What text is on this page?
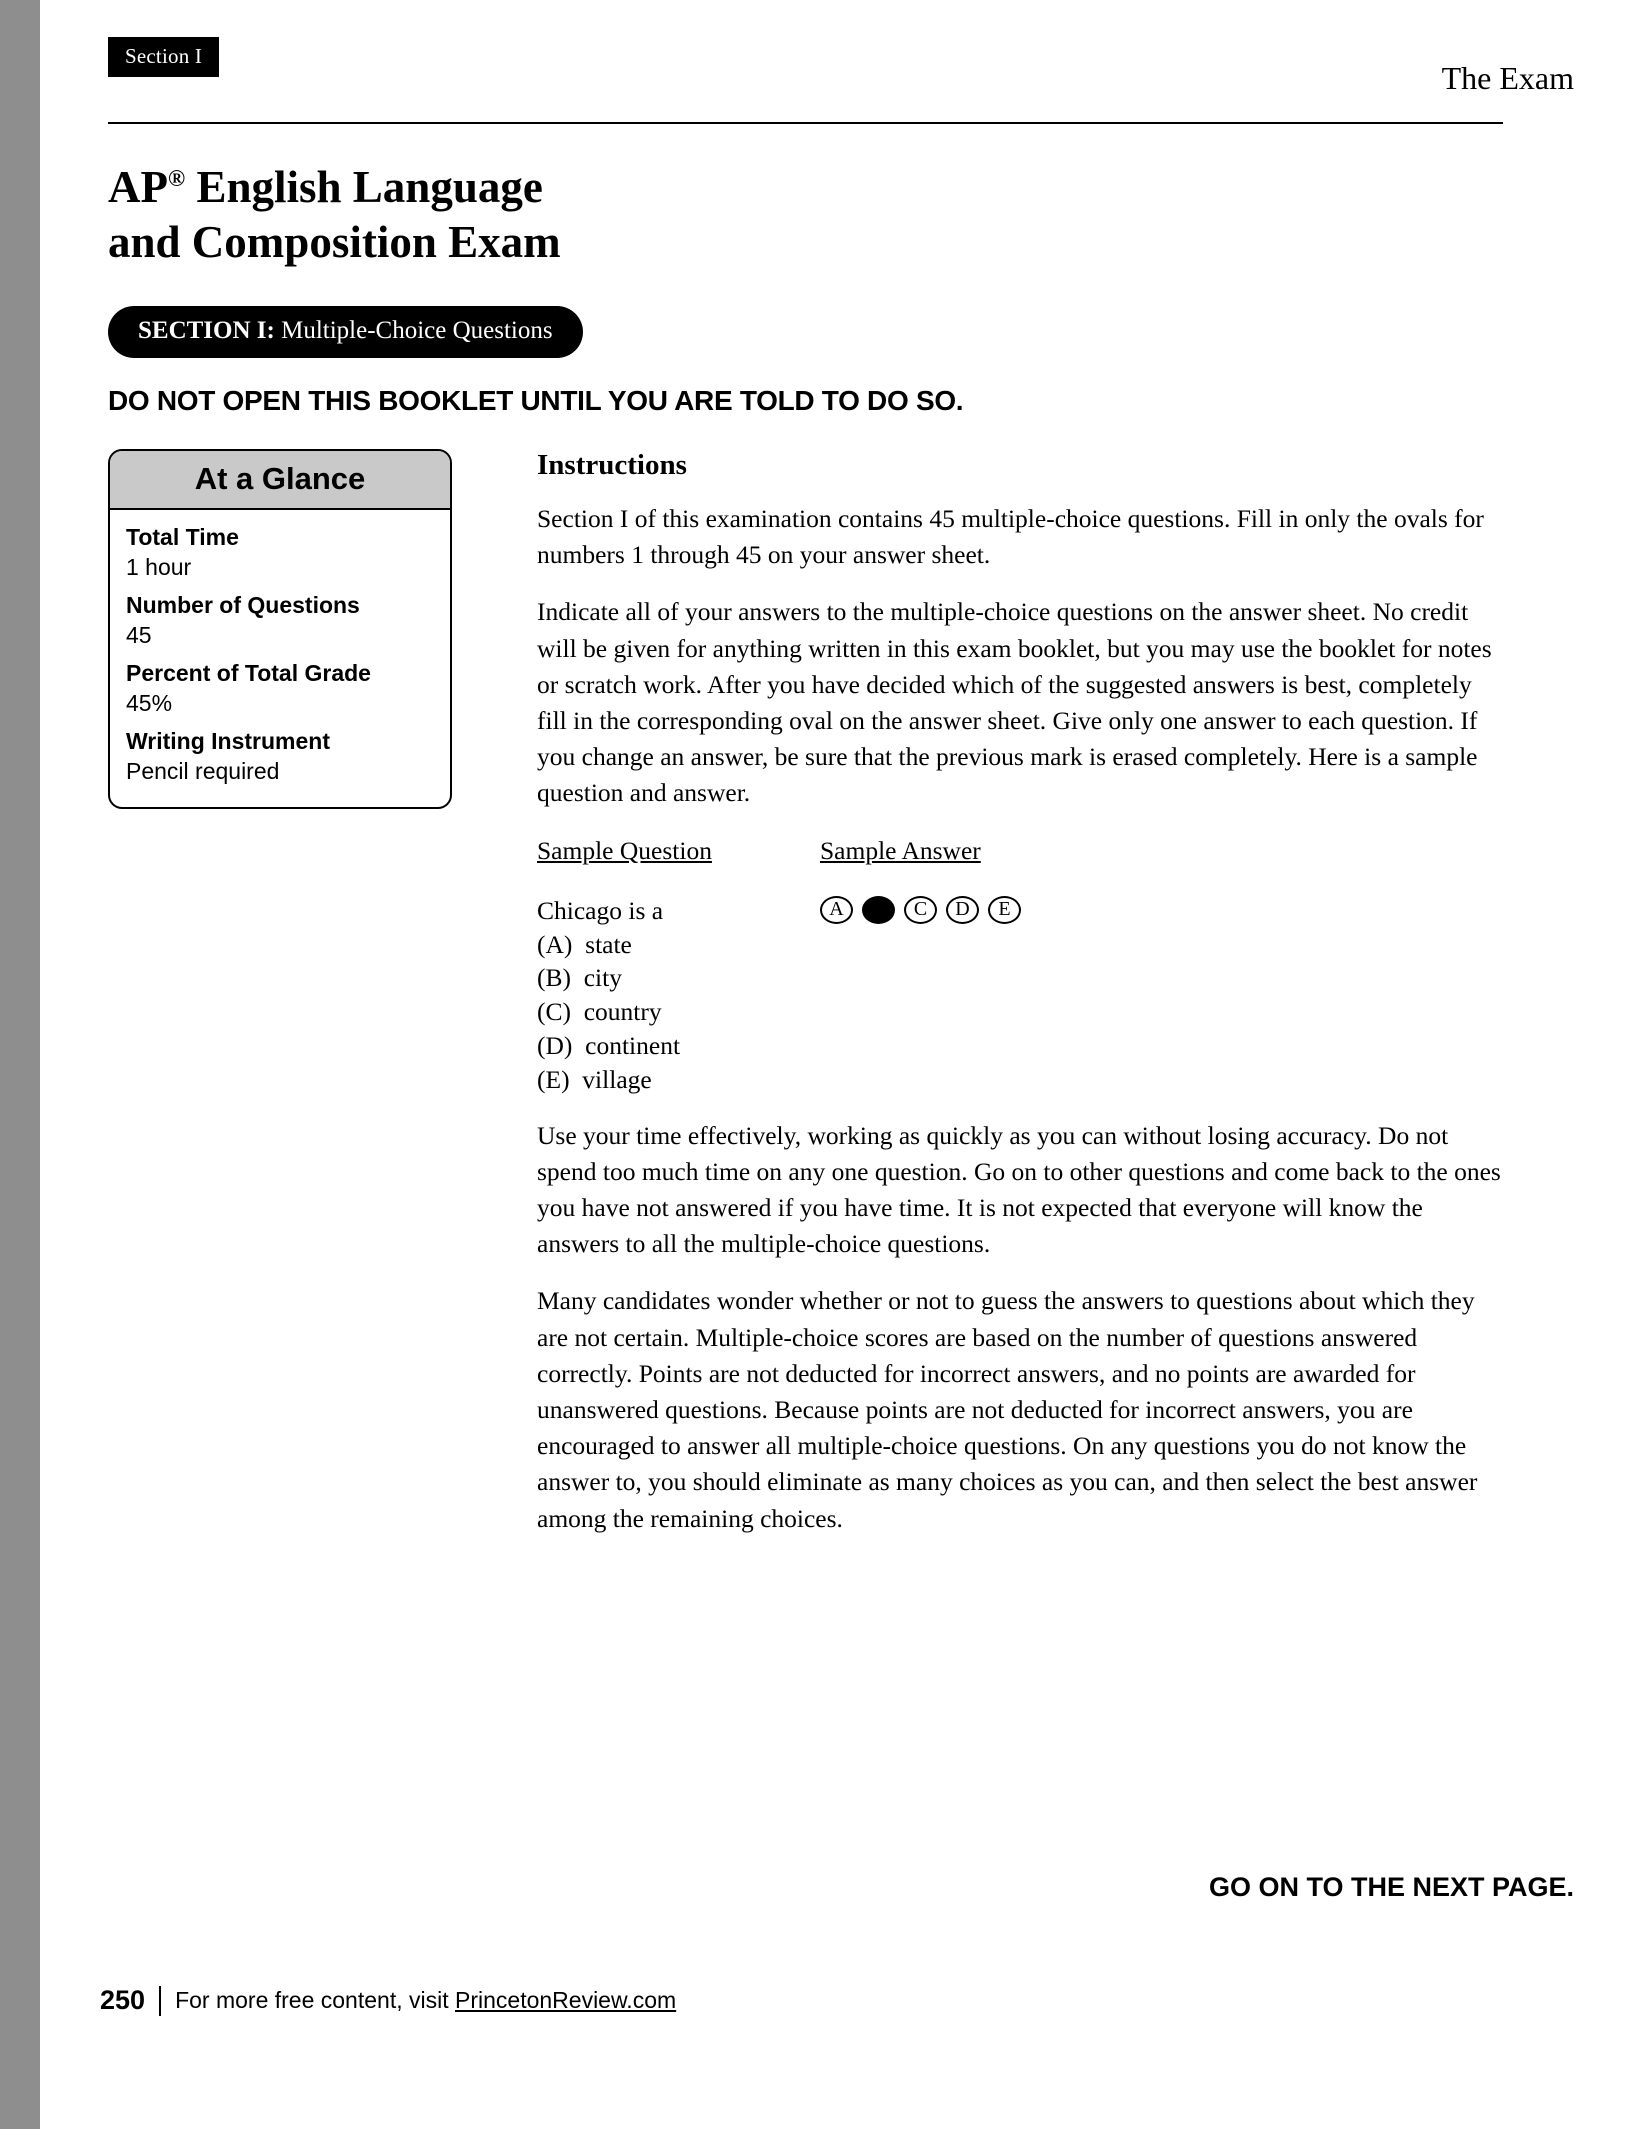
Section I
The Exam
AP® English Language
and Composition Exam
SECTION I: Multiple-Choice Questions
DO NOT OPEN THIS BOOKLET UNTIL YOU ARE TOLD TO DO SO.
At a Glance
Total Time
1 hour
Number of Questions
45
Percent of Total Grade
45%
Writing Instrument
Pencil required
Instructions

Section I of this examination contains 45 multiple-choice questions. Fill in only the ovals for numbers 1 through 45 on your answer sheet.

Indicate all of your answers to the multiple-choice questions on the answer sheet. No credit will be given for anything written in this exam booklet, but you may use the booklet for notes or scratch work. After you have decided which of the suggested answers is best, completely fill in the corresponding oval on the answer sheet. Give only one answer to each question. If you change an answer, be sure that the previous mark is erased completely. Here is a sample question and answer.

Sample Question	Sample Answer
Chicago is a
(A)  state
(B)  city
(C)  country
(D)  continent
(E)  village
A	C	D	E

Use your time effectively, working as quickly as you can without losing accuracy. Do not spend too much time on any one question. Go on to other questions and come back to the ones you have not answered if you have time. It is not expected that everyone will know the answers to all the multiple-choice questions.

Many candidates wonder whether or not to guess the answers to questions about which they are not certain. Multiple-choice scores are based on the number of questions answered correctly. Points are not deducted for incorrect answers, and no points are awarded for unanswered questions. Because points are not deducted for incorrect answers, you are encouraged to answer all multiple-choice questions. On any questions you do not know the answer to, you should eliminate as many choices as you can, and then select the best answer among the remaining choices.

GO ON TO THE NEXT PAGE.
250 For more free content, visit PrincetonReview.com
